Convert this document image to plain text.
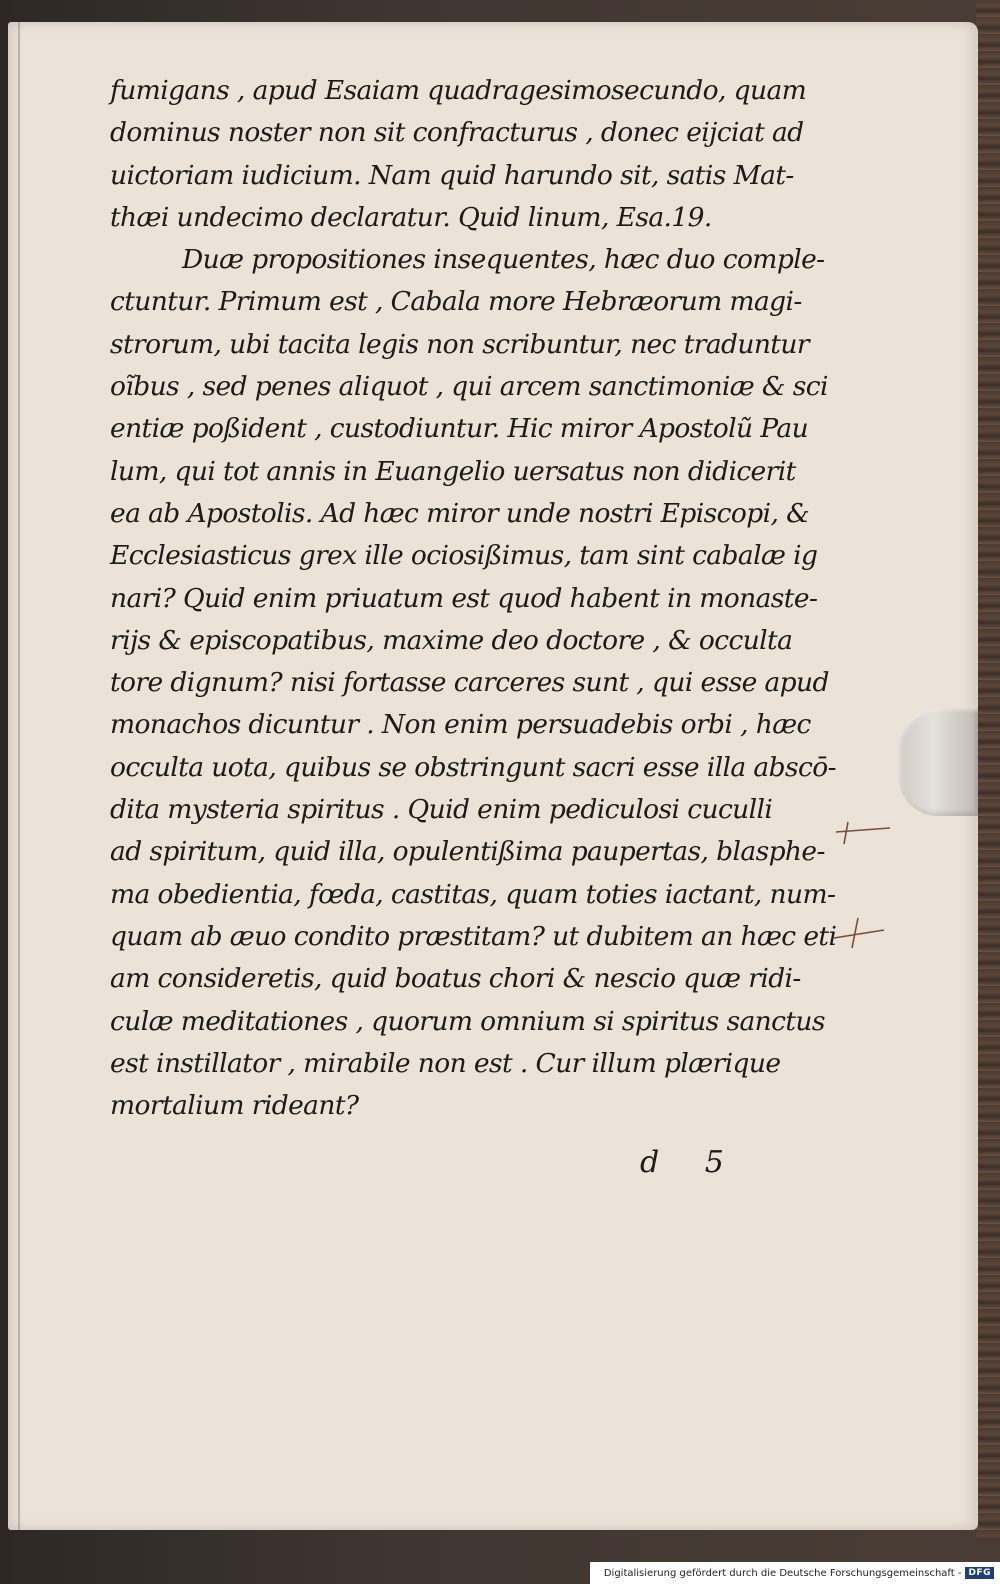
fumigans , apud Esaiam quadragesimosecundo, quam
dominus noster non sit confracturus , donec eijciat ad
uictoriam iudicium. Nam quid harundo sit, satis Mat-
thæi undecimo declaratur. Quid linum, Esa.19.
Duæ propositiones insequentes, hæc duo comple-
ctuntur. Primum est , Cabala more Hebræorum magi-
strorum, ubi tacita legis non scribuntur, nec traduntur
oĩbus , sed penes aliquot , qui arcem sanctimoniæ & sci
entiæ poßident , custodiuntur. Hic miror Apostolũ Pau
lum, qui tot annis in Euangelio uersatus non didicerit
ea ab Apostolis. Ad hæc miror unde nostri Episcopi, &
Ecclesiasticus grex ille ociosißimus, tam sint cabalæ ig
nari? Quid enim priuatum est quod habent in monaste-
rijs & episcopatibus, maxime deo doctore , & occulta
tore dignum? nisi fortasse carceres sunt , qui esse apud
monachos dicuntur . Non enim persuadebis orbi , hæc
occulta uota, quibus se obstringunt sacri esse illa abscō-
dita mysteria spiritus . Quid enim pediculosi cuculli
ad spiritum, quid illa, opulentißima paupertas, blasphe-
ma obedientia, fœda, castitas, quam toties iactant, num-
quam ab æuo condito præstitam? ut dubitem an hæc eti
am consideretis, quid boatus chori & nescio quæ ridi-
culæ meditationes , quorum omnium si spiritus sanctus
est instillator , mirabile non est . Cur illum plærique
mortalium rideant?
d 5
Digitalisierung gefördert durch die Deutsche Forschungsgemeinschaft - DFG
